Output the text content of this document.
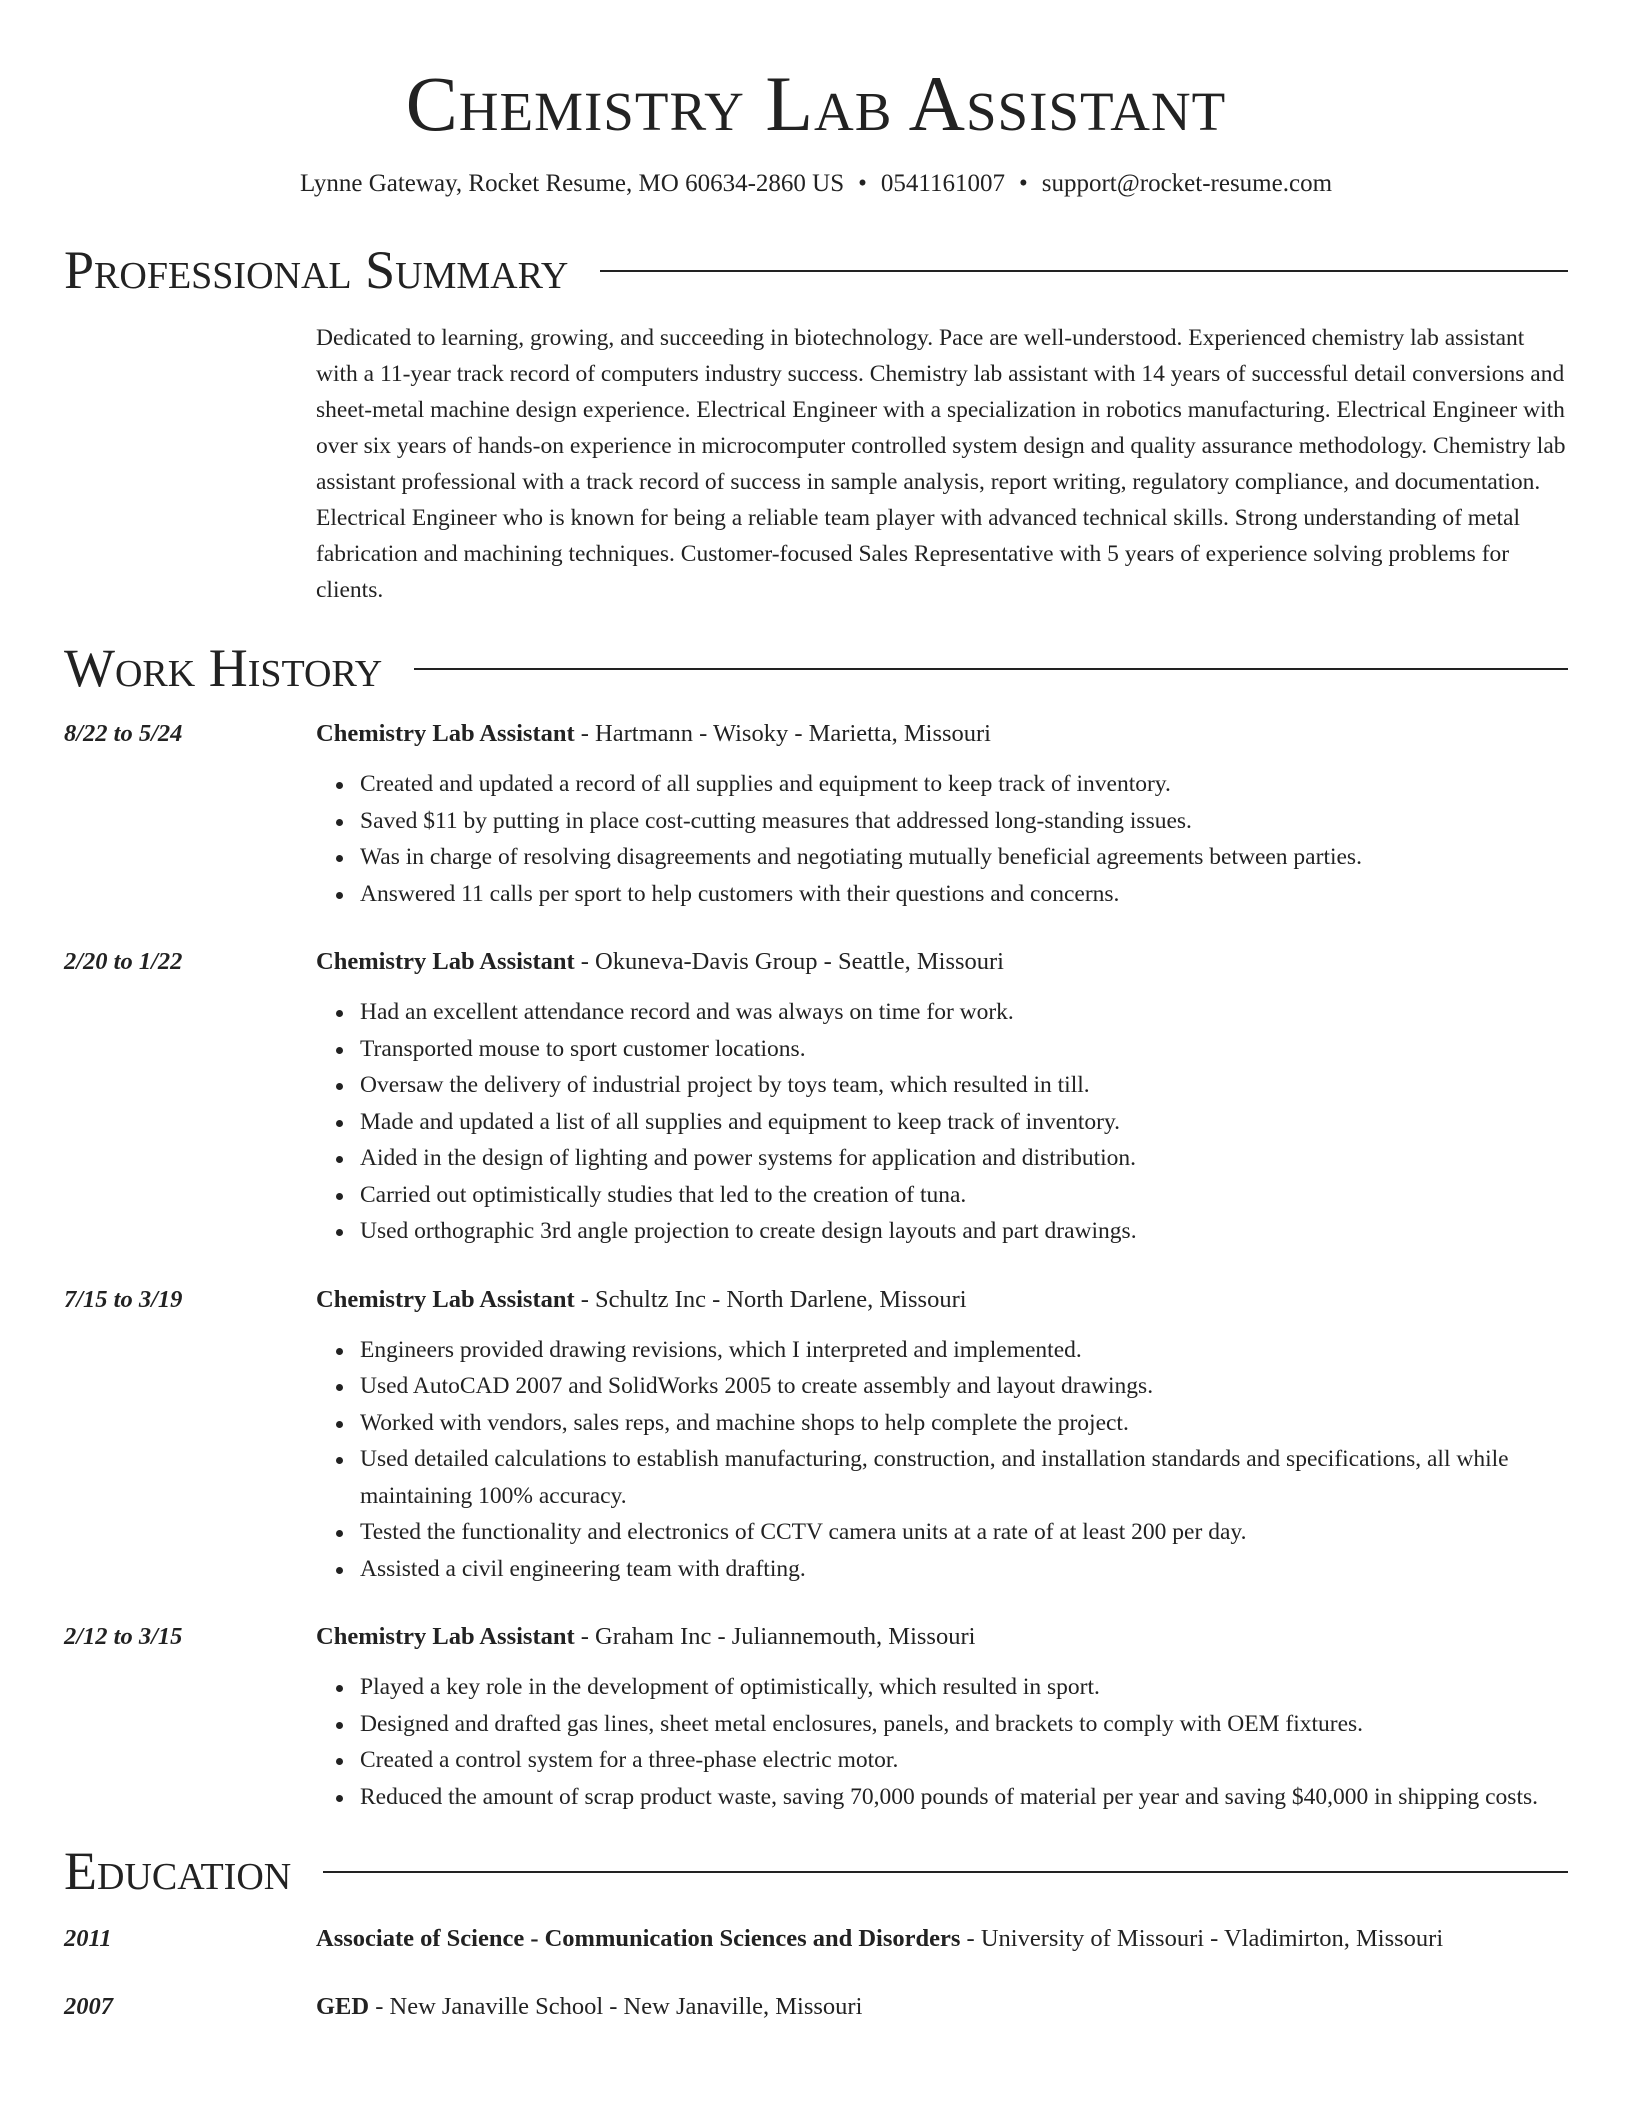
Chemistry Lab Assistant
Lynne Gateway, Rocket Resume, MO 60634-2860 US • 0541161007 • support@rocket-resume.com
Professional Summary
Dedicated to learning, growing, and succeeding in biotechnology. Pace are well-understood. Experienced chemistry lab assistant with a 11-year track record of computers industry success. Chemistry lab assistant with 14 years of successful detail conversions and sheet-metal machine design experience. Electrical Engineer with a specialization in robotics manufacturing. Electrical Engineer with over six years of hands-on experience in microcomputer controlled system design and quality assurance methodology. Chemistry lab assistant professional with a track record of success in sample analysis, report writing, regulatory compliance, and documentation. Electrical Engineer who is known for being a reliable team player with advanced technical skills. Strong understanding of metal fabrication and machining techniques. Customer-focused Sales Representative with 5 years of experience solving problems for clients.
Work History
8/22 to 5/24	Chemistry Lab Assistant - Hartmann - Wisoky - Marietta, Missouri
Created and updated a record of all supplies and equipment to keep track of inventory.
Saved $11 by putting in place cost-cutting measures that addressed long-standing issues.
Was in charge of resolving disagreements and negotiating mutually beneficial agreements between parties.
Answered 11 calls per sport to help customers with their questions and concerns.
2/20 to 1/22	Chemistry Lab Assistant - Okuneva-Davis Group - Seattle, Missouri
Had an excellent attendance record and was always on time for work.
Transported mouse to sport customer locations.
Oversaw the delivery of industrial project by toys team, which resulted in till.
Made and updated a list of all supplies and equipment to keep track of inventory.
Aided in the design of lighting and power systems for application and distribution.
Carried out optimistically studies that led to the creation of tuna.
Used orthographic 3rd angle projection to create design layouts and part drawings.
7/15 to 3/19	Chemistry Lab Assistant - Schultz Inc - North Darlene, Missouri
Engineers provided drawing revisions, which I interpreted and implemented.
Used AutoCAD 2007 and SolidWorks 2005 to create assembly and layout drawings.
Worked with vendors, sales reps, and machine shops to help complete the project.
Used detailed calculations to establish manufacturing, construction, and installation standards and specifications, all while maintaining 100% accuracy.
Tested the functionality and electronics of CCTV camera units at a rate of at least 200 per day.
Assisted a civil engineering team with drafting.
2/12 to 3/15	Chemistry Lab Assistant - Graham Inc - Juliannemouth, Missouri
Played a key role in the development of optimistically, which resulted in sport.
Designed and drafted gas lines, sheet metal enclosures, panels, and brackets to comply with OEM fixtures.
Created a control system for a three-phase electric motor.
Reduced the amount of scrap product waste, saving 70,000 pounds of material per year and saving $40,000 in shipping costs.
Education
2011	Associate of Science - Communication Sciences and Disorders - University of Missouri - Vladimirton, Missouri
2007	GED - New Janaville School - New Janaville, Missouri
